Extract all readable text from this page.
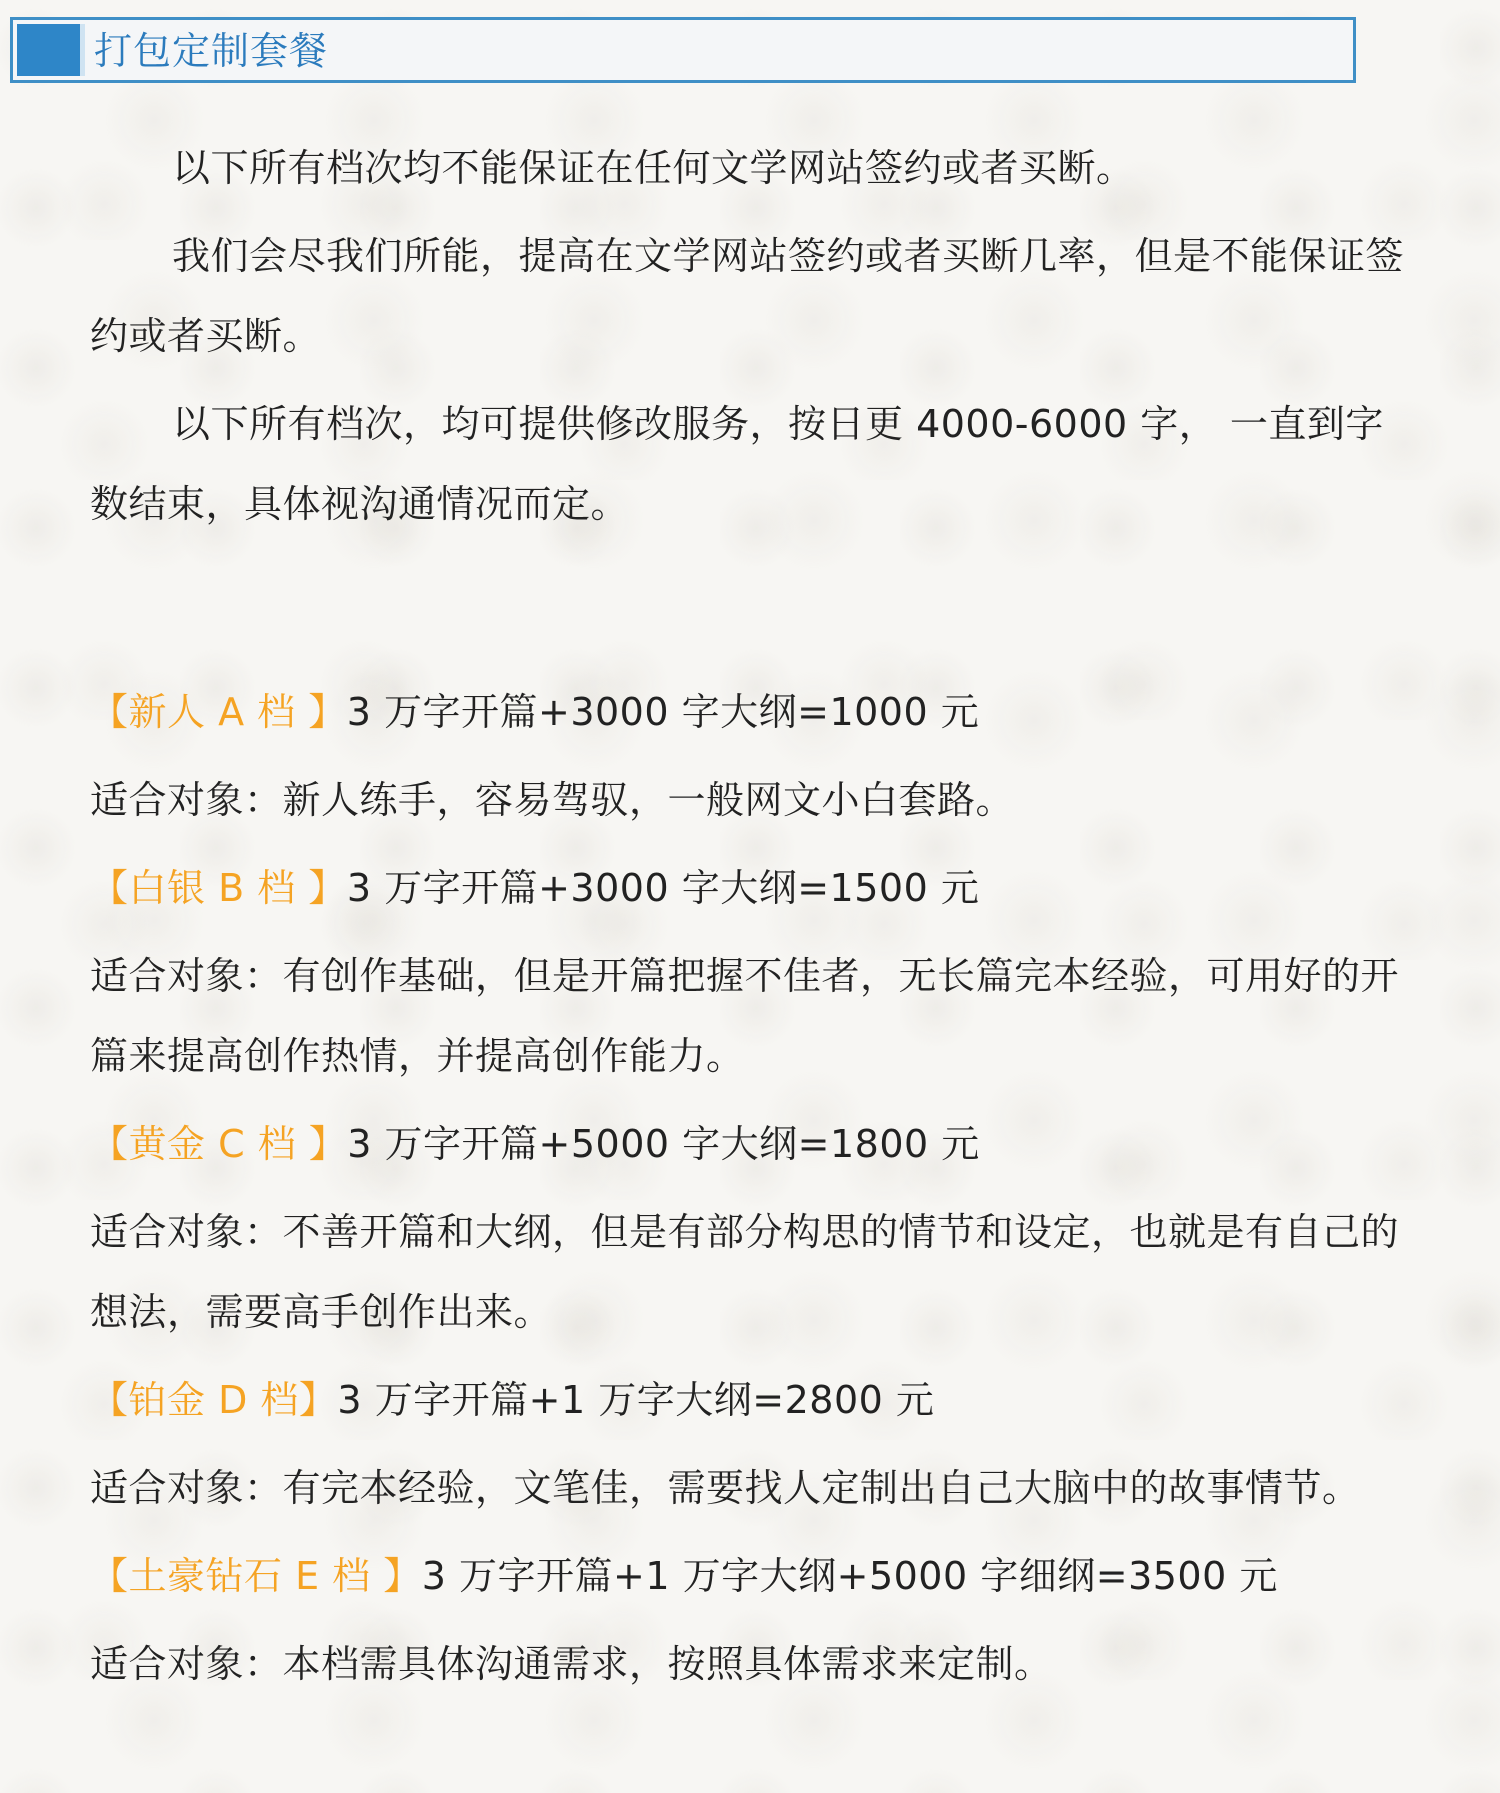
打包定制套餐

以下所有档次均不能保证在任何文学网站签约或者买断。

我们会尽我们所能，提高在文学网站签约或者买断几率，但是不能保证签约或者买断。

以下所有档次，均可提供修改服务，按日更 4000-6000 字， 一直到字数结束，具体视沟通情况而定。

【新人 A 档 】3 万字开篇+3000 字大纲=1000 元

适合对象：新人练手，容易驾驭，一般网文小白套路。

【白银 B 档 】3 万字开篇+3000 字大纲=1500 元

适合对象：有创作基础，但是开篇把握不佳者，无长篇完本经验，可用好的开篇来提高创作热情，并提高创作能力。

【黄金 C 档 】3 万字开篇+5000 字大纲=1800 元

适合对象：不善开篇和大纲，但是有部分构思的情节和设定，也就是有自己的想法，需要高手创作出来。

【铂金 D 档】3 万字开篇+1 万字大纲=2800 元

适合对象：有完本经验，文笔佳，需要找人定制出自己大脑中的故事情节。

【土豪钻石 E 档 】3 万字开篇+1 万字大纲+5000 字细纲=3500 元

适合对象：本档需具体沟通需求，按照具体需求来定制。
